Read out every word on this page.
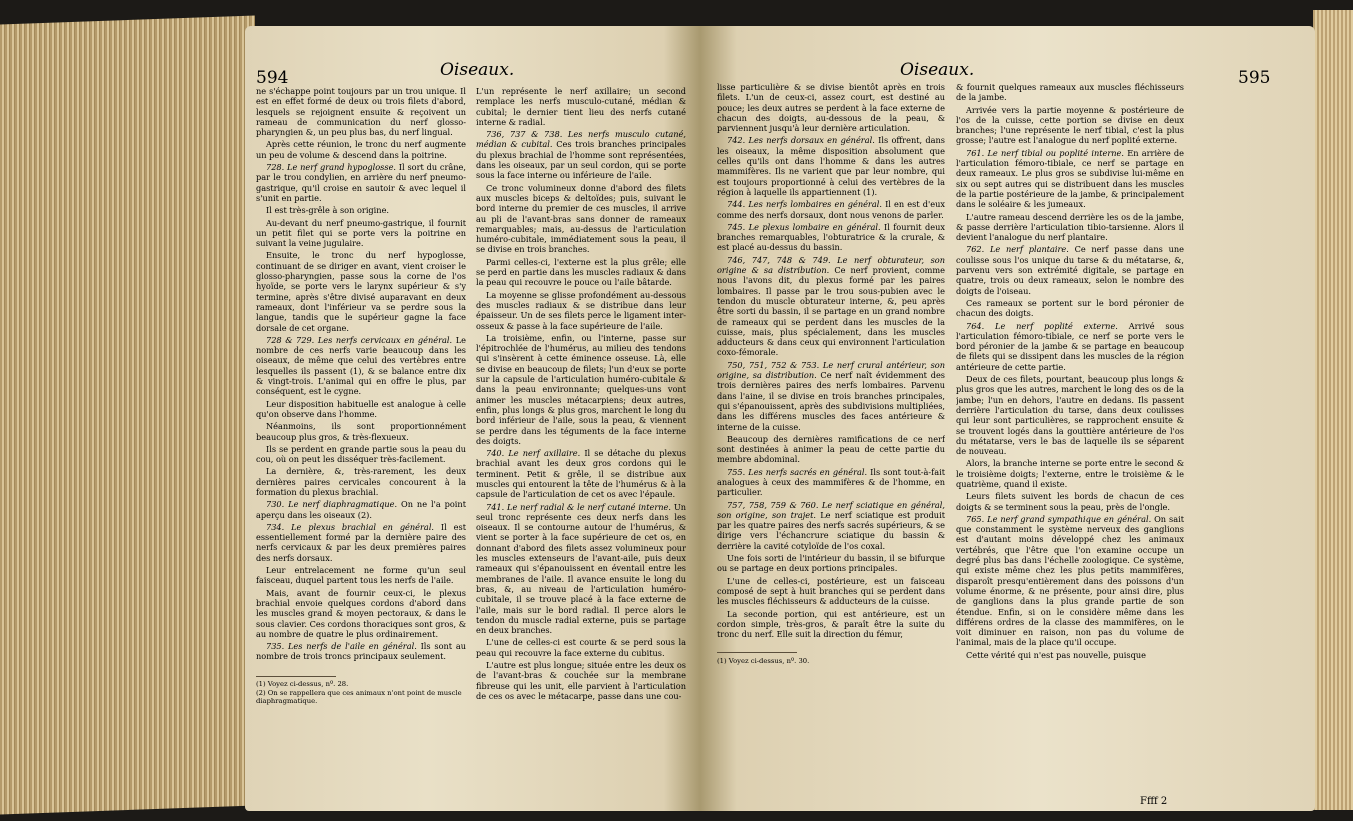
594	Oiseaux.

ne s'échappe point toujours par un trou unique. Il est en effet formé de deux ou trois filets d'abord, lesquels se rejoignent ensuite & reçoivent un rameau de communication du nerf glosso-pharyngien &, un peu plus bas, du nerf lingual.

Après cette réunion, le tronc du nerf augmente un peu de volume & descend dans la poitrine.

728. Le nerf grand hypoglosse. Il sort du crâne, par le trou condylien, en arrière du nerf pneumo-gastrique, qu'il croise en sautoir & avec lequel il s'unit en partie.

Il est très-grêle à son origine.

Au-devant du nerf pneumo-gastrique, il fournit un petit filet qui se porte vers la poitrine en suivant la veine jugulaire.

Ensuite, le tronc du nerf hypoglosse, continuant de se diriger en avant, vient croiser le glosso-pharyngien, passe sous la corne de l'os hyoïde, se porte vers le larynx supérieur & s'y termine, après s'être divisé auparavant en deux rameaux, dont l'inférieur va se perdre sous la langue, tandis que le supérieur gagne la face dorsale de cet organe.

728 & 729. Les nerfs cervicaux en général. Le nombre de ces nerfs varie beaucoup dans les oiseaux, de même que celui des vertèbres entre lesquelles ils passent (1), & se balance entre dix & vingt-trois. L'animal qui en offre le plus, par conséquent, est le cygne.

Leur disposition habituelle est analogue à celle qu'on observe dans l'homme.

Néanmoins, ils sont proportionnément beaucoup plus gros, & très-flexueux.

Ils se perdent en grande partie sous la peau du cou, où on peut les disséquer très-facilement.

La dernière, &, très-rarement, les deux dernières paires cervicales concourent à la formation du plexus brachial.

730. Le nerf diaphragmatique. On ne l'a point aperçu dans les oiseaux (2).

734. Le plexus brachial en général. Il est essentiellement formé par la dernière paire des nerfs cervicaux & par les deux premières paires des nerfs dorsaux.

Leur entrelacement ne forme qu'un seul faisceau, duquel partent tous les nerfs de l'aile.

Mais, avant de fournir ceux-ci, le plexus brachial envoie quelques cordons d'abord dans les muscles grand & moyen pectoraux, & dans le sous clavier. Ces cordons thoraciques sont gros, & au nombre de quatre le plus ordinairement.

735. Les nerfs de l'aile en général. Ils sont au nombre de trois troncs principaux seulement.

(1) Voyez ci-dessus, nº. 28.
(2) On se rappellera que ces animaux n'ont point de muscle diaphragmatique.

L'un représente le nerf axillaire; un second remplace les nerfs musculo-cutané, médian & cubital; le dernier tient lieu des nerfs cutané interne & radial.

736, 737 & 738. Les nerfs musculo cutané, médian & cubital. Ces trois branches principales du plexus brachial de l'homme sont représentées, dans les oiseaux, par un seul cordon, qui se porte sous la face interne ou inférieure de l'aile.

Ce tronc volumineux donne d'abord des filets aux muscles biceps & deltoïdes; puis, suivant le bord interne du premier de ces muscles, il arrive au pli de l'avant-bras sans donner de rameaux remarquables; mais, au-dessus de l'articulation huméro-cubitale, immédiatement sous la peau, il se divise en trois branches.

Parmi celles-ci, l'externe est la plus grêle; elle se perd en partie dans les muscles radiaux & dans la peau qui recouvre le pouce ou l'aile bâtarde.

La moyenne se glisse profondément au-dessous des muscles radiaux & se distribue dans leur épaisseur. Un de ses filets perce le ligament inter-osseux & passe à la face supérieure de l'aile.

La troisième, enfin, ou l'interne, passe sur l'épitrochlée de l'humérus, au milieu des tendons qui s'insèrent à cette éminence osseuse. Là, elle se divise en beaucoup de filets; l'un d'eux se porte sur la capsule de l'articulation huméro-cubitale & dans la peau environnante; quelques-uns vont animer les muscles métacarpiens; deux autres, enfin, plus longs & plus gros, marchent le long du bord inférieur de l'aile, sous la peau, & viennent se perdre dans les téguments de la face interne des doigts.

740. Le nerf axillaire. Il se détache du plexus brachial avant les deux gros cordons qui le terminent. Petit & grêle, il se distribue aux muscles qui entourent la tête de l'humérus & à la capsule de l'articulation de cet os avec l'épaule.

741. Le nerf radial & le nerf cutané interne. Un seul tronc représente ces deux nerfs dans les oiseaux. Il se contourne autour de l'humérus, & vient se porter à la face supérieure de cet os, en donnant d'abord des filets assez volumineux pour les muscles extenseurs de l'avant-aile, puis deux rameaux qui s'épanouissent en éventail entre les membranes de l'aile. Il avance ensuite le long du bras, &, au niveau de l'articulation huméro-cubitale, il se trouve placé à la face externe de l'aile, mais sur le bord radial. Il perce alors le tendon du muscle radial externe, puis se partage en deux branches.

L'une de celles-ci est courte & se perd sous la peau qui recouvre la face externe du cubitus.

L'autre est plus longue; située entre les deux os de l'avant-bras & couchée sur la membrane fibreuse qui les unit, elle parvient à l'articulation de ces os avec le métacarpe, passe dans une cou-

Oiseaux.	595

lisse particulière & se divise bientôt après en trois filets. L'un de ceux-ci, assez court, est destiné au pouce; les deux autres se perdent à la face externe de chacun des doigts, au-dessous de la peau, & parviennent jusqu'à leur dernière articulation.

742. Les nerfs dorsaux en général. Ils offrent, dans les oiseaux, la même disposition absolument que celles qu'ils ont dans l'homme & dans les autres mammifères. Ils ne varient que par leur nombre, qui est toujours proportionné à celui des vertèbres de la région à laquelle ils appartiennent (1).

744. Les nerfs lombaires en général. Il en est d'eux comme des nerfs dorsaux, dont nous venons de parler.

745. Le plexus lombaire en général. Il fournit deux branches remarquables, l'obturatrice & la crurale, & est placé au-dessus du bassin.

746, 747, 748 & 749. Le nerf obturateur, son origine & sa distribution. Ce nerf provient, comme nous l'avons dit, du plexus formé par les paires lombaires. Il passe par le trou sous-pubien avec le tendon du muscle obturateur interne, &, peu après être sorti du bassin, il se partage en un grand nombre de rameaux qui se perdent dans les muscles de la cuisse, mais, plus spécialement, dans les muscles adducteurs & dans ceux qui environnent l'articulation coxo-fémorale.

750, 751, 752 & 753. Le nerf crural antérieur, son origine, sa distribution. Ce nerf naît évidemment des trois dernières paires des nerfs lombaires. Parvenu dans l'aine, il se divise en trois branches principales, qui s'épanouissent, après des subdivisions multipliées, dans les différens muscles des faces antérieure & interne de la cuisse.

Beaucoup des dernières ramifications de ce nerf sont destinées à animer la peau de cette partie du membre abdominal.

755. Les nerfs sacrés en général. Ils sont tout-à-fait analogues à ceux des mammifères & de l'homme, en particulier.

757, 758, 759 & 760. Le nerf sciatique en général, son origine, son trajet. Le nerf sciatique est produit par les quatre paires des nerfs sacrés supérieurs, & se dirige vers l'échancrure sciatique du bassin & derrière la cavité cotyloïde de l'os coxal.

Une fois sorti de l'intérieur du bassin, il se bifurque ou se partage en deux portions principales.

L'une de celles-ci, postérieure, est un faisceau composé de sept à huit branches qui se perdent dans les muscles fléchisseurs & adducteurs de la cuisse.

La seconde portion, qui est antérieure, est un cordon simple, très-gros, & paraît être la suite du tronc du nerf. Elle suit la direction du fémur,

(1) Voyez ci-dessus, nº. 30.

& fournit quelques rameaux aux muscles fléchisseurs de la jambe.

Arrivée vers la partie moyenne & postérieure de l'os de la cuisse, cette portion se divise en deux branches; l'une représente le nerf tibial, c'est la plus grosse; l'autre est l'analogue du nerf poplité externe.

761. Le nerf tibial ou poplité interne. En arrière de l'articulation fémoro-tibiale, ce nerf se partage en deux rameaux. Le plus gros se subdivise lui-même en six ou sept autres qui se distribuent dans les muscles de la partie postérieure de la jambe, & principalement dans le soléaire & les jumeaux.

L'autre rameau descend derrière les os de la jambe, & passe derrière l'articulation tibio-tarsienne. Alors il devient l'analogue du nerf plantaire.

762. Le nerf plantaire. Ce nerf passe dans une coulisse sous l'os unique du tarse & du métatarse, &, parvenu vers son extrémité digitale, se partage en quatre, trois ou deux rameaux, selon le nombre des doigts de l'oiseau.

Ces rameaux se portent sur le bord péronier de chacun des doigts.

764. Le nerf poplité externe. Arrivé sous l'articulation fémoro-tibiale, ce nerf se porte vers le bord péronier de la jambe & se partage en beaucoup de filets qui se dissipent dans les muscles de la région antérieure de cette partie.

Deux de ces filets, pourtant, beaucoup plus longs & plus gros que les autres, marchent le long des os de la jambe; l'un en dehors, l'autre en dedans. Ils passent derrière l'articulation du tarse, dans deux coulisses qui leur sont particulières, se rapprochent ensuite & se trouvent logés dans la gouttière antérieure de l'os du métatarse, vers le bas de laquelle ils se séparent de nouveau.

Alors, la branche interne se porte entre le second & le troisième doigts; l'externe, entre le troisième & le quatrième, quand il existe.

Leurs filets suivent les bords de chacun de ces doigts & se terminent sous la peau, près de l'ongle.

765. Le nerf grand sympathique en général. On sait que constamment le système nerveux des ganglions est d'autant moins développé chez les animaux vertébrés, que l'être que l'on examine occupe un degré plus bas dans l'échelle zoologique. Ce système, qui existe même chez les plus petits mammifères, disparoît presqu'entièrement dans des poissons d'un volume énorme, & ne présente, pour ainsi dire, plus de ganglions dans la plus grande partie de son étendue. Enfin, si on le considère même dans les différens ordres de la classe des mammifères, on le voit diminuer en raison, non pas du volume de l'animal, mais de la place qu'il occupe.

Cette vérité qui n'est pas nouvelle, puisque

Ffff 2
